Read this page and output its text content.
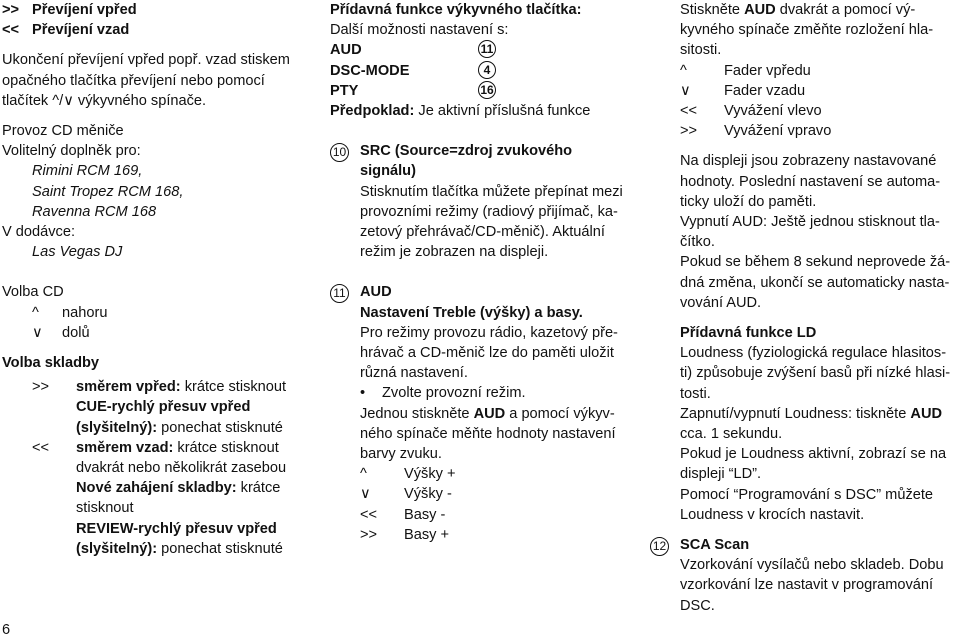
>> Převíjení vpřed
<< Převíjení vzad

Ukončení převíjení vpřed popř. vzad stiskem

opačného tlačítka převíjení nebo pomocí

tlačítek ^/∨ výkyvného spínače.

Provoz CD měniče

Volitelný doplněk pro:

Rimini RCM 169,

Saint Tropez RCM 168,

Ravenna RCM 168

V dodávce:

Las Vegas DJ

Volba CD

^	nahoru
∨	dolů

Volba skladby

>>	směrem vpřed: krátce stisknout

CUE-rychlý přesuv vpřed

(slyšitelný): ponechat stisknuté

<<	směrem vzad: krátce stisknout

dvakrát nebo několikrát zasebou

Nové zahájení skladby: krátce

stisknout

REVIEW-rychlý přesuv vpřed

(slyšitelný): ponechat stisknuté

6

Přídavná funkce výkyvného tlačítka:

Další možnosti nastavení s:

AUD	11
DSC-MODE	4
PTY	16

Předpoklad: Je aktivní příslušná funkce

10 SRC (Source=zdroj zvukového signálu)

Stisknutím tlačítka můžete přepínat mezi

provozními režimy (radiový přijímač, ka-

zetový přehrávač/CD-měnič). Aktuální

režim je zobrazen na displeji.

11 AUD

Nastavení Treble (výšky) a basy.

Pro režimy provozu rádio, kazetový pře-

hrávač a CD-měnič lze do paměti uložit

různá nastavení.

• Zvolte provozní režim.

Jednou stiskněte AUD a pomocí výkyv-

ného spínače měňte hodnoty nastavení

barvy zvuku.

^	Výšky +
∨	Výšky -
<<	Basy -
>>	Basy +

Stiskněte AUD dvakrát a pomocí vý-

kyvného spínače změňte rozložení hla-

sitosti.

^	Fader vpředu
∨	Fader vzadu
<<	Vyvážení vlevo
>>	Vyvážení vpravo

Na displeji jsou zobrazeny nastavované

hodnoty. Poslední nastavení se automa-

ticky uloží do paměti.

Vypnutí AUD: Ještě jednou stisknout tla-

čítko.

Pokud se během 8 sekund neprovede žá-

dná změna, ukončí se automaticky nasta-

vování AUD.

Přídavná funkce LD

Loudness (fyziologická regulace hlasitos-

ti) způsobuje zvýšení basů při nízké hlasi-

tosti.

Zapnutí/vypnutí Loudness: tiskněte AUD

cca. 1 sekundu.

Pokud je Loudness aktivní, zobrazí se na

displeji “LD”.

Pomocí “Programování s DSC” můžete

Loudness v krocích nastavit.

12 SCA Scan

Vzorkování vysílačů nebo skladeb. Dobu

vzorkování lze nastavit v programování

DSC.
